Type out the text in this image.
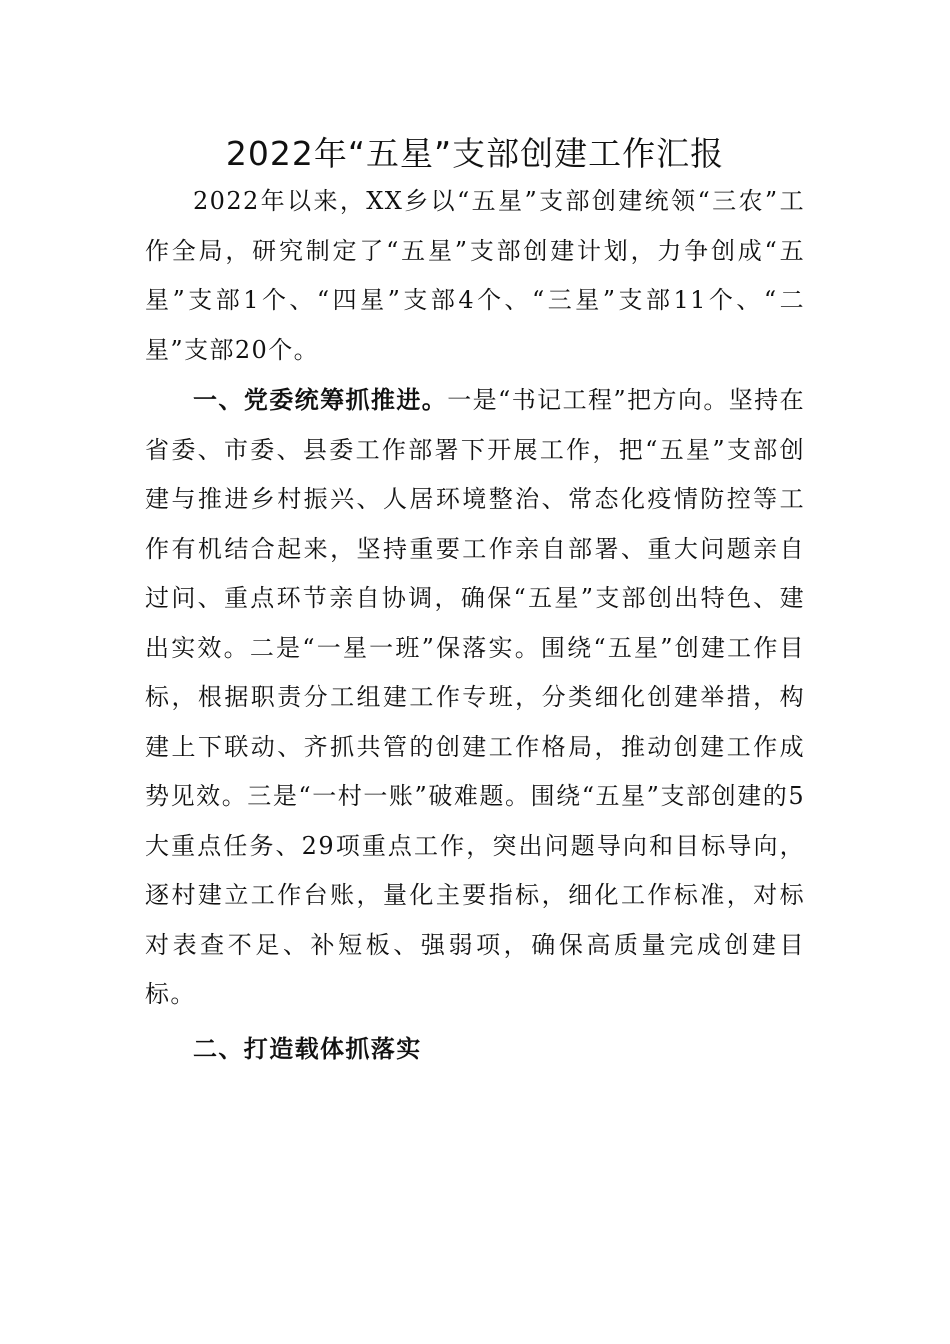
2022年“五星”支部创建工作汇报

2022年以来，XX乡以“五星”支部创建统领“三农”工作全局，研究制定了“五星”支部创建计划，力争创成“五星”支部1个、“四星”支部4个、“三星”支部11个、“二星”支部20个。

一、党委统筹抓推进。一是“书记工程”把方向。坚持在省委、市委、县委工作部署下开展工作，把“五星”支部创建与推进乡村振兴、人居环境整治、常态化疫情防控等工作有机结合起来，坚持重要工作亲自部署、重大问题亲自过问、重点环节亲自协调，确保“五星”支部创出特色、建出实效。二是“一星一班”保落实。围绕“五星”创建工作目标，根据职责分工组建工作专班，分类细化创建举措，构建上下联动、齐抓共管的创建工作格局，推动创建工作成势见效。三是“一村一账”破难题。围绕“五星”支部创建的5大重点任务、29项重点工作，突出问题导向和目标导向，逐村建立工作台账，量化主要指标，细化工作标准，对标对表查不足、补短板、强弱项，确保高质量完成创建目标。

二、打造载体抓落实
